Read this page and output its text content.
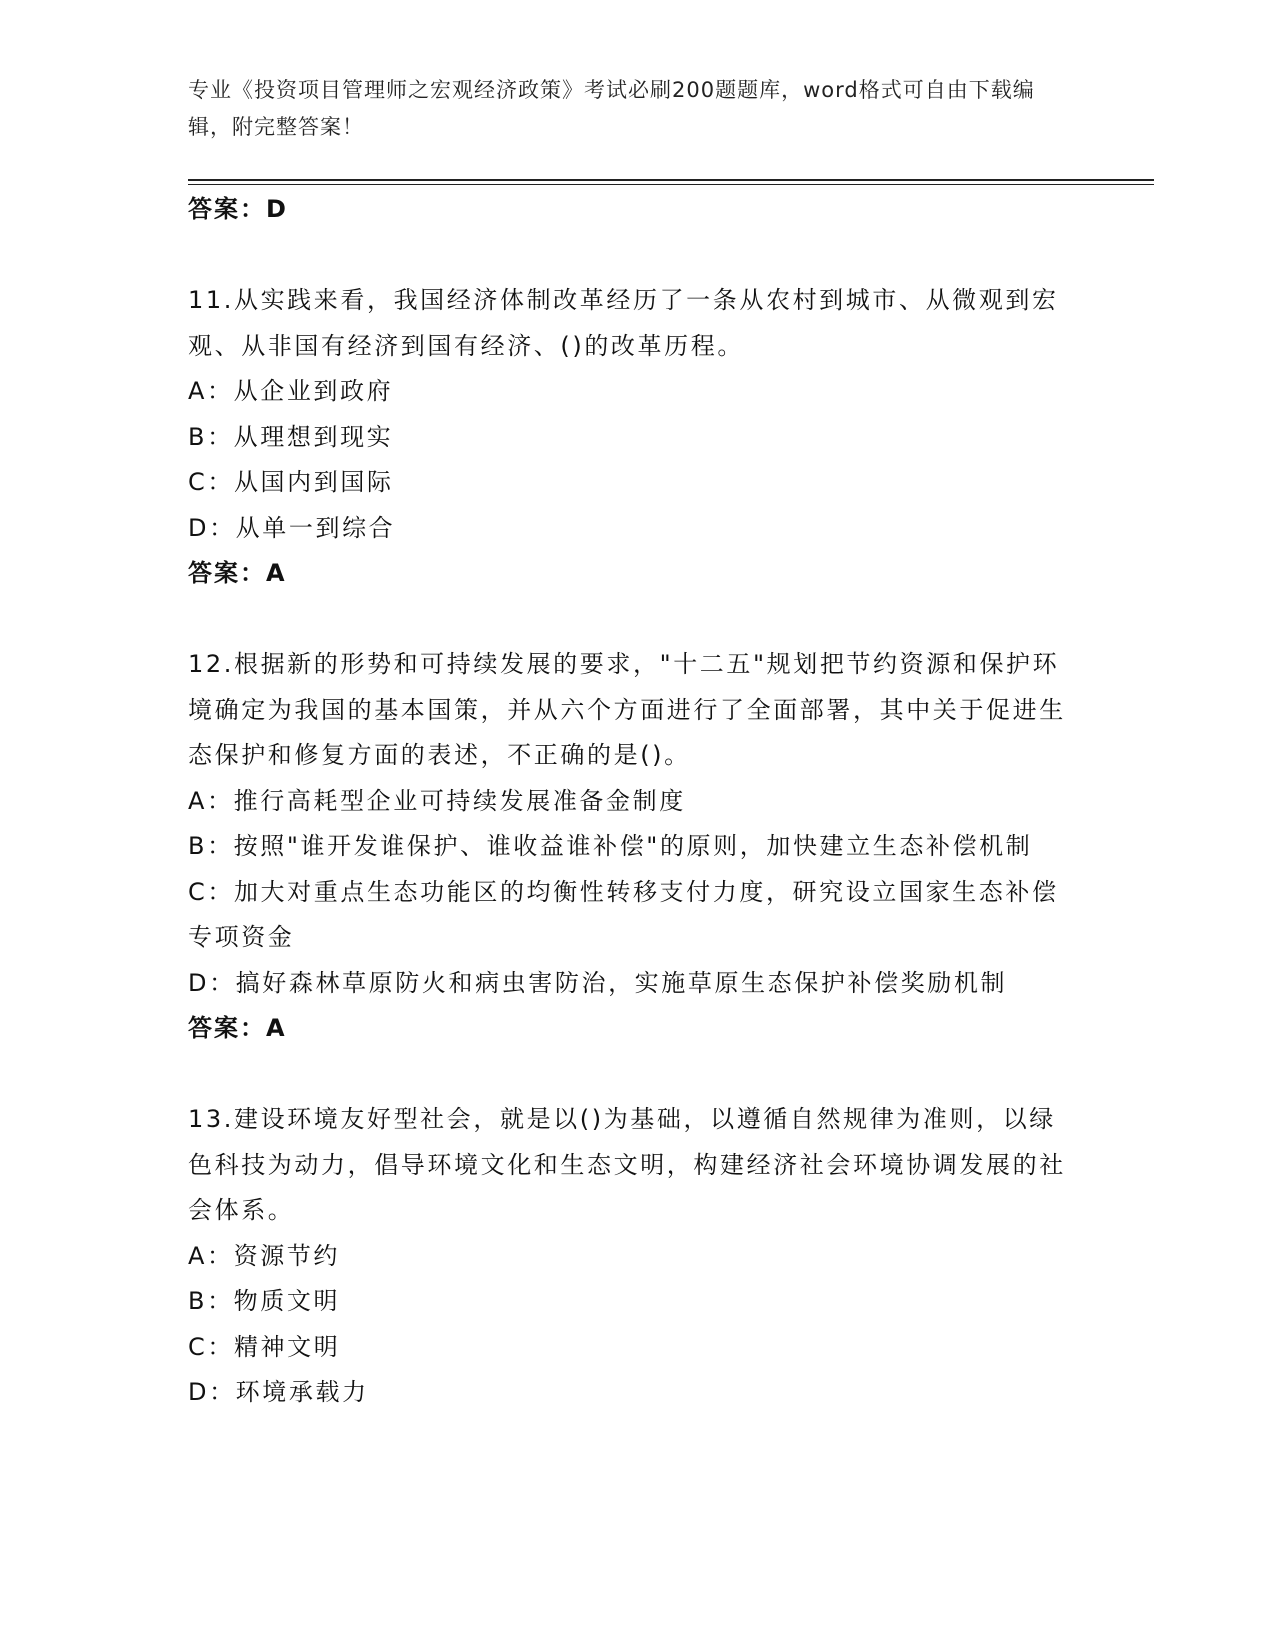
专业《投资项目管理师之宏观经济政策》考试必刷200题题库，word格式可自由下载编辑，附完整答案！
答案：D
11.从实践来看，我国经济体制改革经历了一条从农村到城市、从微观到宏观、从非国有经济到国有经济、()的改革历程。
A：从企业到政府
B：从理想到现实
C：从国内到国际
D：从单一到综合
答案：A
12.根据新的形势和可持续发展的要求，"十二五"规划把节约资源和保护环境确定为我国的基本国策，并从六个方面进行了全面部署，其中关于促进生态保护和修复方面的表述，不正确的是()。
A：推行高耗型企业可持续发展准备金制度
B：按照"谁开发谁保护、谁收益谁补偿"的原则，加快建立生态补偿机制
C：加大对重点生态功能区的均衡性转移支付力度，研究设立国家生态补偿专项资金
D：搞好森林草原防火和病虫害防治，实施草原生态保护补偿奖励机制
答案：A
13.建设环境友好型社会，就是以()为基础，以遵循自然规律为准则，以绿色科技为动力，倡导环境文化和生态文明，构建经济社会环境协调发展的社会体系。
A：资源节约
B：物质文明
C：精神文明
D：环境承载力
